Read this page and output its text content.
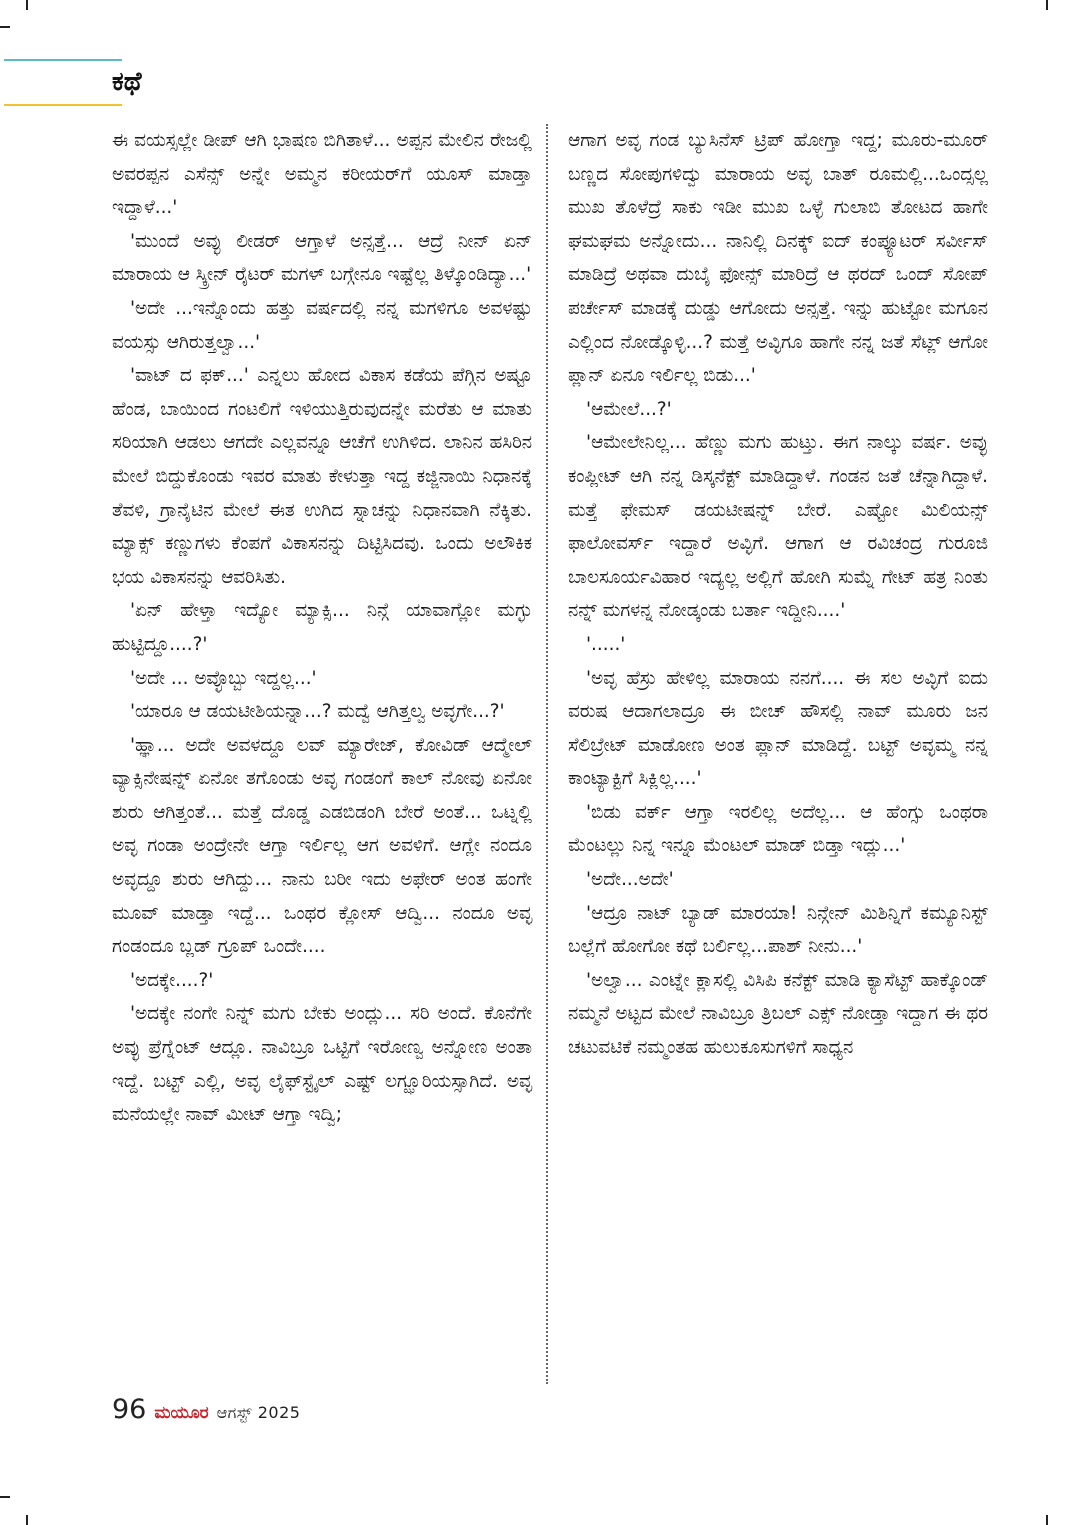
ಕಥೆ

ಈ ವಯಸ್ಸಲ್ಲೇ ಡೀಪ್ ಆಗಿ ಭಾಷಣ ಬಿಗಿತಾಳೆ... ಅಪ್ಪನ ಮೇಲಿನ ರೇಜಲ್ಲಿ ಅವರಪ್ಪನ ಎಸೆನ್ಸ್ ಅನ್ನೇ ಅಮ್ಮನ ಕರೀಯರ್‌ಗೆ ಯೂಸ್ ಮಾಡ್ತಾ ಇದ್ದಾಳೆ...'

'ಮುಂದೆ ಅವ್ಳು ಲೀಡರ್ ಆಗ್ತಾಳೆ ಅನ್ಸತ್ತೆ... ಆದ್ರೆ ನೀನ್ ಏನ್ ಮಾರಾಯ ಆ ಸ್ಕ್ರೀನ್ ರೈಟರ್ ಮಗಳ್ ಬಗ್ಗೇನೂ ಇಷ್ಟೆಲ್ಲ ತಿಳ್ಕೊಂಡಿದ್ಯಾ...'

'ಅದೇ ...ಇನ್ನೊಂದು ಹತ್ತು ವರ್ಷದಲ್ಲಿ ನನ್ನ ಮಗಳಿಗೂ ಅವಳಷ್ಟು ವಯಸ್ಸು ಆಗಿರುತ್ತಲ್ವಾ...'

'ವಾಟ್ ದ ಫಕ್...' ಎನ್ನಲು ಹೋದ ವಿಕಾಸ ಕಡೆಯ ಪೆಗ್ಗಿನ ಅಷ್ಟೂ ಹೆಂಡ, ಬಾಯಿಂದ ಗಂಟಲಿಗೆ ಇಳಿಯುತ್ತಿರುವುದನ್ನೇ ಮರೆತು ಆ ಮಾತು ಸರಿಯಾಗಿ ಆಡಲು ಆಗದೇ ಎಲ್ಲವನ್ನೂ ಆಚೆಗೆ ಉಗಿಳಿದ. ಲಾನಿನ ಹಸಿರಿನ ಮೇಲೆ ಬಿದ್ದುಕೊಂಡು ಇವರ ಮಾತು ಕೇಳುತ್ತಾ ಇದ್ದ ಕಜ್ಜಿನಾಯಿ ನಿಧಾನಕ್ಕೆ ತೆವಳಿ, ಗ್ರಾನೈಟಿನ ಮೇಲೆ ಈತ ಉಗಿದ ಸ್ನಾಚನ್ನು ನಿಧಾನವಾಗಿ ನೆಕ್ಕಿತು. ಮ್ಯಾಕ್ಸ್ ಕಣ್ಣುಗಳು ಕೆಂಪಗೆ ವಿಕಾಸನನ್ನು ದಿಟ್ಟಿಸಿದವು. ಒಂದು ಅಲೌಕಿಕ ಭಯ ವಿಕಾಸನನ್ನು ಆವರಿಸಿತು.

'ಏನ್ ಹೇಳ್ತಾ ಇದ್ಯೋ ಮ್ಯಾಕ್ಸಿ... ನಿನ್ಗೆ ಯಾವಾಗ್ಲೋ ಮಗ್ಳು ಹುಟ್ಟಿದ್ದೂ....?'

'ಅದೇ ... ಅವ್ಳೊಬ್ಬು ಇದ್ದಲ್ಲ...'

'ಯಾರೂ ಆ ಡಯಟೀಶಿಯನ್ನಾ...? ಮದ್ವೆ ಆಗಿತ್ತಲ್ವ ಅವ್ಳಗೇ...?'

'ಹ್ಞಾ... ಅದೇ ಅವಳದ್ದೂ ಲವ್ ಮ್ಯಾರೇಜ್, ಕೋವಿಡ್ ಆದ್ಮೇಲ್ ವ್ಯಾಕ್ಸಿನೇಷನ್ನ್ ಏನೋ ತಗೊಂಡು ಅವ್ಳ ಗಂಡಂಗೆ ಕಾಲ್ ನೋವು ಏನೋ ಶುರು ಆಗಿತ್ತಂತೆ... ಮತ್ತೆ ದೊಡ್ಡ ಎಡಬಿಡಂಗಿ ಬೇರೆ ಅಂತೆ... ಒಟ್ನಲ್ಲಿ ಅವ್ಳ ಗಂಡಾ ಅಂದ್ರೇನೇ ಆಗ್ತಾ ಇರ್ಲಿಲ್ಲ ಆಗ ಅವಳಿಗೆ. ಆಗ್ಲೇ ನಂದೂ ಅವ್ಳದ್ದೂ ಶುರು ಆಗಿದ್ದು... ನಾನು ಬರೀ ಇದು ಅಫೇರ್ ಅಂತ ಹಂಗೇ ಮೂವ್ ಮಾಡ್ತಾ ಇದ್ದೆ... ಒಂಥರ ಕ್ಲೋಸ್ ಆದ್ವಿ... ನಂದೂ ಅವ್ಳ ಗಂಡಂದೂ ಬ್ಲಡ್ ಗ್ರೂಪ್ ಒಂದೇ....

'ಅದಕ್ಕೇ....?'

'ಅದಕ್ಕೇ ನಂಗೇ ನಿನ್ನ್ ಮಗು ಬೇಕು ಅಂದ್ಲು... ಸರಿ ಅಂದೆ. ಕೊನೆಗೇ ಅವ್ಳು ಪ್ರೆಗ್ನೆಂಟ್ ಆದ್ಲೂ. ನಾವಿಬ್ರೂ ಒಟ್ಟಿಗೆ ಇರೋಣ್ವ ಅನ್ನೋಣ ಅಂತಾ ಇದ್ದೆ. ಬಟ್ಟ್ ಎಲ್ಲಿ, ಅವ್ಳ ಲೈಫ್‌ಸ್ಟೈಲ್ ಎಷ್ಟ್ ಲಗ್ಝೂರಿಯಸ್ಸಾಗಿದೆ. ಅವ್ಳ ಮನೆಯಲ್ಲೇ ನಾವ್ ಮೀಟ್ ಆಗ್ತಾ ಇದ್ವಿ;

ಆಗಾಗ ಅವ್ಳ ಗಂಡ ಬ್ಯುಸಿನೆಸ್ ಟ್ರಿಪ್ ಹೋಗ್ತಾ ಇದ್ದ; ಮೂರು-ಮೂರ್ ಬಣ್ಣದ ಸೋಪುಗಳಿದ್ವು ಮಾರಾಯ ಅವ್ಳ ಬಾತ್ ರೂಮಲ್ಲಿ...ಒಂದ್ಸಲ್ಲ ಮುಖ ತೊಳೆದ್ರೆ ಸಾಕು ಇಡೀ ಮುಖ ಒಳ್ಳೆ ಗುಲಾಬಿ ತೋಟದ ಹಾಗೇ ಘಮಘಮ ಅನ್ನೋದು... ನಾನಿಲ್ಲಿ ದಿನಕ್ಕ್ ಐದ್ ಕಂಪ್ಯೂಟರ್ ಸರ್ವೀಸ್ ಮಾಡಿದ್ರೆ ಅಥವಾ ದುಬೈ ಫೋನ್ಸ್ ಮಾರಿದ್ರೆ ಆ ಥರದ್ ಒಂದ್ ಸೋಪ್ ಪರ್ಚೇಸ್ ಮಾಡಕ್ಕೆ ದುಡ್ಡು ಆಗೋದು ಅನ್ಸತ್ತೆ. ಇನ್ನು ಹುಟ್ಟೋ ಮಗೂನ ಎಲ್ಲಿಂದ ನೋಡ್ಕೊಳ್ಳಿ...? ಮತ್ತೆ ಅವ್ಳಿಗೂ ಹಾಗೇ ನನ್ನ ಜತೆ ಸೆಟ್ಲ್ ಆಗೋ ಪ್ಲಾನ್ ಏನೂ ಇರ್ಲಿಲ್ಲ ಬಿಡು...'

'ಆಮೇಲೆ...?'

'ಆಮೇಲೇನಿಲ್ಲ... ಹೆಣ್ಣು ಮಗು ಹುಟ್ತು. ಈಗ ನಾಲ್ಕು ವರ್ಷ. ಅವ್ಳು ಕಂಪ್ಲೀಟ್ ಆಗಿ ನನ್ನ ಡಿಸ್ಕನೆಕ್ಟ್ ಮಾಡಿದ್ದಾಳೆ. ಗಂಡನ ಜತೆ ಚೆನ್ನಾಗಿದ್ದಾಳೆ. ಮತ್ತೆ ಫೇಮಸ್ ಡಯಟೀಷನ್ನ್ ಬೇರೆ. ಎಷ್ಟೋ ಮಿಲಿಯನ್ಸ್ ಫಾಲೋವರ್ಸ್ ಇದ್ದಾರೆ ಅವ್ಳಿಗೆ. ಆಗಾಗ ಆ ರವಿಚಂದ್ರ ಗುರೂಜಿ ಬಾಲಸೂರ್ಯವಿಹಾರ ಇದ್ಯಲ್ಲ ಅಲ್ಲಿಗೆ ಹೋಗಿ ಸುಮ್ನೆ ಗೇಟ್ ಹತ್ರ ನಿಂತು ನನ್ನ್ ಮಗಳನ್ನ ನೋಡ್ಕಂಡು ಬರ್ತಾ ಇದ್ದೀನಿ....'

'.....'

'ಅವ್ಳ ಹೆಸ್ರು ಹೇಳಿಲ್ಲ ಮಾರಾಯ ನನಗೆ.... ಈ ಸಲ ಅವ್ಳಿಗೆ ಐದು ವರುಷ ಆದಾಗಲಾದ್ರೂ ಈ ಬೀಚ್ ಹೌಸಲ್ಲಿ ನಾವ್ ಮೂರು ಜನ ಸೆಲಿಬ್ರೇಟ್ ಮಾಡೋಣ ಅಂತ ಪ್ಲಾನ್ ಮಾಡಿದ್ದೆ. ಬಟ್ಟ್ ಅವ್ಳಮ್ಮ ನನ್ನ ಕಾಂಟ್ಯಾಕ್ಟಿಗೆ ಸಿಕ್ಲಿಲ್ಲ....'

'ಬಿಡು ವರ್ಕ್ ಆಗ್ತಾ ಇರಲಿಲ್ಲ ಅದೆಲ್ಲ... ಆ ಹೆಂಗ್ಸು ಒಂಥರಾ ಮೆಂಟಲ್ಲು ನಿನ್ನ ಇನ್ನೂ ಮೆಂಟಲ್ ಮಾಡ್ ಬಿಡ್ತಾ ಇದ್ಲು...'

'ಅದೇ...ಅದೇ'

'ಆದ್ರೂ ನಾಟ್ ಬ್ಯಾಡ್ ಮಾರಯಾ! ನಿನ್ಗೇನ್ ಮಿಶಿನ್ನಿಗೆ ಕಮ್ಯೂನಿಸ್ಟ್ ಬಲ್ಲೆಗೆ ಹೋಗೋ ಕಥೆ ಬರ್ಲಿಲ್ಲ...ಪಾಶ್ ನೀನು...'

'ಅಲ್ವಾ... ಎಂಟ್ನೇ ಕ್ಲಾಸಲ್ಲಿ ವಿಸಿಪಿ ಕನೆಕ್ಟ್ ಮಾಡಿ ಕ್ಯಾಸೆಟ್ಟ್ ಹಾಕ್ಕೊಂಡ್ ನಮ್ಮನೆ ಅಟ್ಟದ ಮೇಲೆ ನಾವಿಬ್ರೂ ತ್ರಿಬಲ್ ಎಕ್ಸ್ ನೋಡ್ತಾ ಇದ್ದಾಗ ಈ ಥರ ಚಟುವಟಿಕೆ ನಮ್ಮಂತಹ ಹುಲುಕೂಸುಗಳಿಗೆ ಸಾಧ್ಯನ

96 ಮಯೂರ ಆಗಸ್ಟ್ 2025
